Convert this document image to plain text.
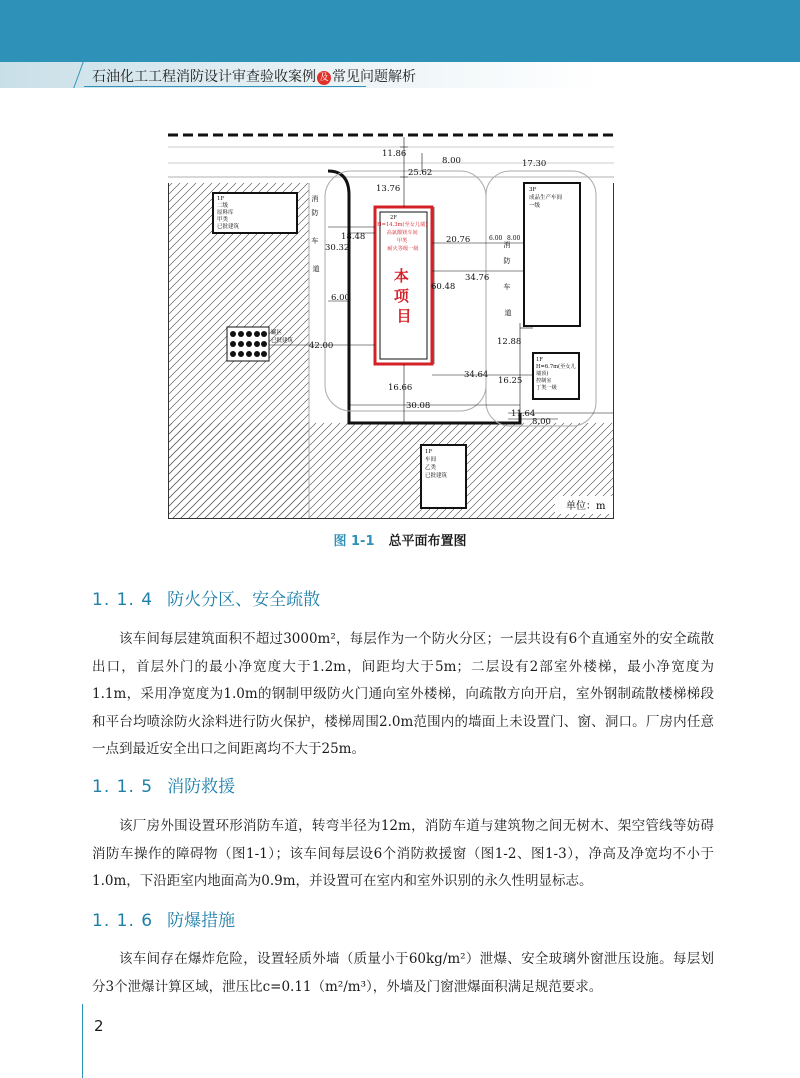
石油化工工程消防设计审查验收案例 及 常见问题解析
1F 二级 原料库 甲类 已批建筑
罐区 已批建筑
2F H=14.3m(至女儿墙) 高氯酸镁车间 甲类 耐火等级一级
本 项 目
3F 成品生产车间 一级
1F H=6.7m(至女儿 墙顶) 控制室 丁类一级
1F 车间 乙类 已批建筑
消 防 车 道
消 防 车 道
11.86
25.62
8.00	17.30
13.76
18.48
30.32
20.76	6.00 8.00
34.76
60.48
6.00
42.00	12.88
34.64
16.25
16.66
30.08
11.64
8.00
单位：m
图 1-1 总平面布置图
1. 1. 4 防火分区、安全疏散

该车间每层建筑面积不超过3000m²，每层作为一个防火分区；一层共设有6个直通室外的安全疏散出口，首层外门的最小净宽度大于1.2m，间距均大于5m；二层设有2部室外楼梯，最小净宽度为1.1m，采用净宽度为1.0m的钢制甲级防火门通向室外楼梯，向疏散方向开启，室外钢制疏散楼梯梯段和平台均喷涂防火涂料进行防火保护，楼梯周围2.0m范围内的墙面上未设置门、窗、洞口。厂房内任意一点到最近安全出口之间距离均不大于25m。

1. 1. 5 消防救援

该厂房外围设置环形消防车道，转弯半径为12m，消防车道与建筑物之间无树木、架空管线等妨碍消防车操作的障碍物（图1-1）；该车间每层设6个消防救援窗（图1-2、图1-3），净高及净宽均不小于1.0m，下沿距室内地面高为0.9m，并设置可在室内和室外识别的永久性明显标志。

1. 1. 6 防爆措施

该车间存在爆炸危险，设置轻质外墙（质量小于60kg/m²）泄爆、安全玻璃外窗泄压设施。每层划分3个泄爆计算区域，泄压比c=0.11（m²/m³），外墙及门窗泄爆面积满足规范要求。

2
